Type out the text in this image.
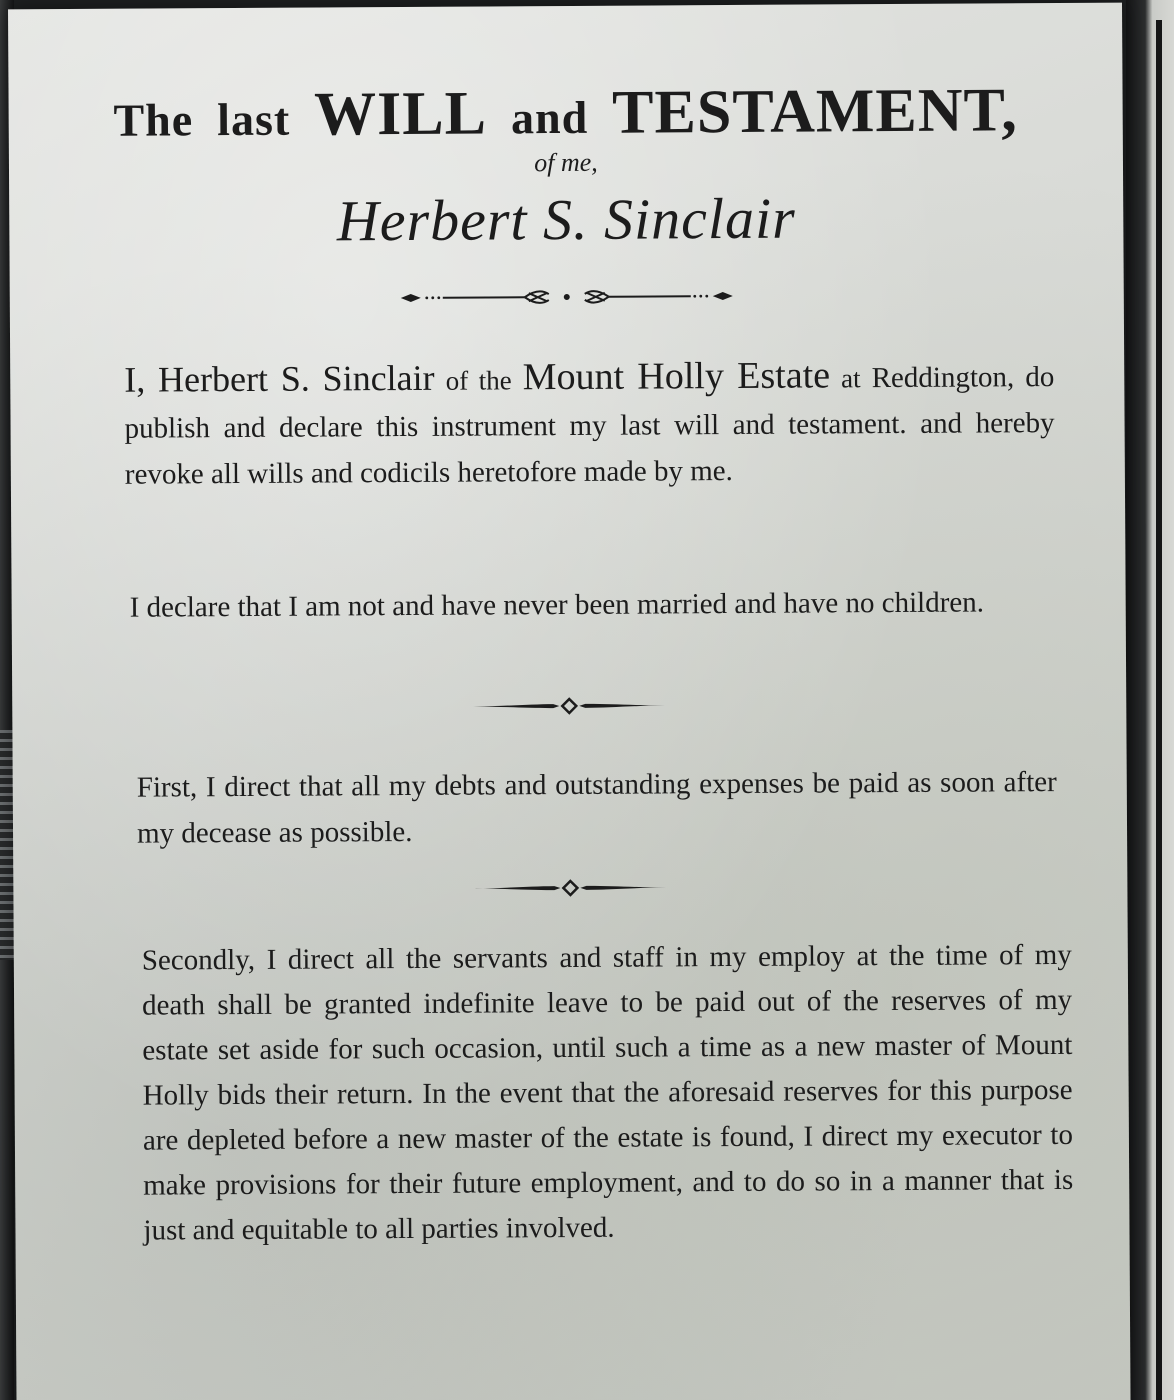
The last WILL and TESTAMENT,
of me,
Herbert S. Sinclair
I, Herbert S. Sinclair of the Mount Holly Estate at Reddington, do publish and declare this instrument my last will and testament. and hereby revoke all wills and codicils heretofore made by me.
I declare that I am not and have never been married and have no children.
First, I direct that all my debts and outstanding expenses be paid as soon after my decease as possible.
Secondly, I direct all the servants and staff in my employ at the time of my death shall be granted indefinite leave to be paid out of the reserves of my estate set aside for such occasion, until such a time as a new master of Mount Holly bids their return. In the event that the aforesaid reserves for this purpose are depleted before a new master of the estate is found, I direct my executor to make provisions for their future employment, and to do so in a manner that is just and equitable to all parties involved.
